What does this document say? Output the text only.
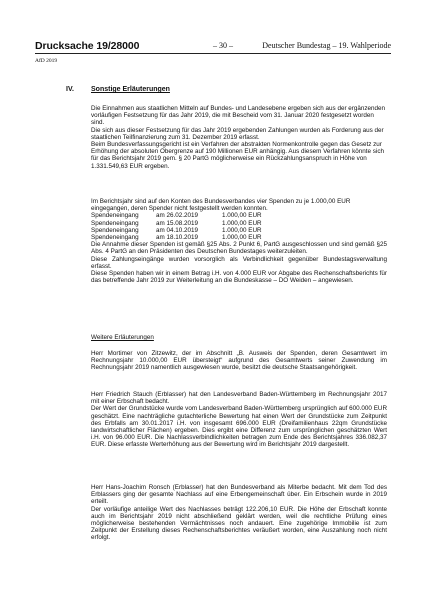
Drucksache 19/28000	– 30 –	Deutscher Bundestag – 19. Wahlperiode
AfD 2019
IV. Sonstige Erläuterungen

Die Einnahmen aus staatlichen Mitteln auf Bundes- und Landesebene ergeben sich aus der ergänzenden vorläufigen Festsetzung für das Jahr 2019, die mit Bescheid vom 31. Januar 2020 festgesetzt worden sind.

Die sich aus dieser Festsetzung für das Jahr 2019 ergebenden Zahlungen wurden als Forderung aus der staatlichen Teilfinanzierung zum 31. Dezember 2019 erfasst.

Beim Bundesverfassungsgericht ist ein Verfahren der abstrakten Normenkontrolle gegen das Gesetz zur Erhöhung der absoluten Obergrenze auf 190 Millionen EUR anhängig. Aus diesem Verfahren könnte sich für das Berichtsjahr 2019 gem. § 20 PartG möglicherweise ein Rückzahlungsanspruch in Höhe von 1.331.549,63 EUR ergeben.

Im Berichtsjahr sind auf den Konten des Bundesverbandes vier Spenden zu je 1.000,00 EUR eingegangen, deren Spender nicht festgestellt werden konnten.

Spendeneingang	am 26.02.2019	1.000,00 EUR
Spendeneingang	am 15.08.2019	1.000,00 EUR
Spendeneingang	am 04.10.2019	1.000,00 EUR
Spendeneingang	am 18.10.2019	1.000,00 EUR

Die Annahme dieser Spenden ist gemäß §25 Abs. 2 Punkt 6, PartG ausgeschlossen und sind gemäß §25 Abs. 4 PartG an den Präsidenten des Deutschen Bundestages weiterzuleiten.

Diese Zahlungseingänge wurden vorsorglich als Verbindlichkeit gegenüber Bundestagsverwaltung erfasst.

Diese Spenden haben wir in einem Betrag i.H. von 4.000 EUR vor Abgabe des Rechenschaftsberichts für das betreffende Jahr 2019 zur Weiterleitung an die Bundeskasse – DO Weiden – angewiesen.

Weitere Erläuterungen

Herr Mortimer von Zitzewitz, der im Abschnitt „B. Ausweis der Spenden, deren Gesamtwert im Rechnungsjahr 10.000,00 EUR übersteigt“ aufgrund des Gesamtwerts seiner Zuwendung im Rechnungsjahr 2019 namentlich ausgewiesen wurde, besitzt die deutsche Staatsangehörigkeit.

Herr Friedrich Stauch (Erblasser) hat den Landesverband Baden-Württemberg im Rechnungsjahr 2017 mit einer Erbschaft bedacht.

Der Wert der Grundstücke wurde vom Landesverband Baden-Württemberg ursprünglich auf 600.000 EUR geschätzt. Eine nachträgliche gutachterliche Bewertung hat einen Wert der Grundstücke zum Zeitpunkt des Erbfalls am 30.01.2017 i.H. von insgesamt 696.000 EUR (Dreifamilienhaus 22qm Grundstücke landwirtschaftlicher Flächen) ergeben. Dies ergibt eine Differenz zum ursprünglichen geschätzten Wert i.H. von 96.000 EUR. Die Nachlassverbindlichkeiten betragen zum Ende des Berichtsjahres 336.082,37 EUR. Diese erfasste Werterhöhung aus der Bewertung wird im Berichtsjahr 2019 dargestellt.

Herr Hans-Joachim Ronsch (Erblasser) hat den Bundesverband als Miterbe bedacht. Mit dem Tod des Erblassers ging der gesamte Nachlass auf eine Erbengemeinschaft über. Ein Erbschein wurde in 2019 erteilt.

Der vorläufige anteilige Wert des Nachlasses beträgt 122.206,10 EUR. Die Höhe der Erbschaft konnte auch im Berichtsjahr 2019 nicht abschließend geklärt werden, weil die rechtliche Prüfung eines möglicherweise bestehenden Vermächtnisses noch andauert. Eine zugehörige Immobilie ist zum Zeitpunkt der Erstellung dieses Rechenschaftsberichtes veräußert worden, eine Auszahlung noch nicht erfolgt.
